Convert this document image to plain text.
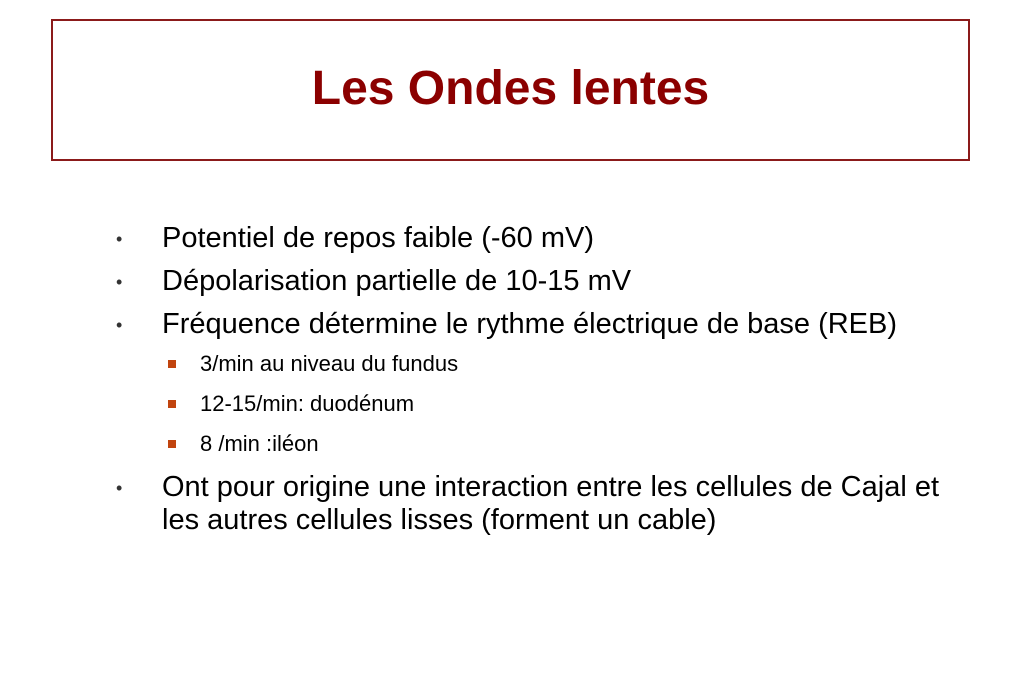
Les Ondes lentes
• Potentiel de repos faible (-60 mV)
• Dépolarisation partielle de 10-15 mV
• Fréquence détermine le rythme électrique de base (REB)
3/min au niveau du fundus
12-15/min: duodénum
8 /min :iléon
• Ont pour origine une interaction entre les cellules de Cajal et les autres cellules lisses (forment un cable)
